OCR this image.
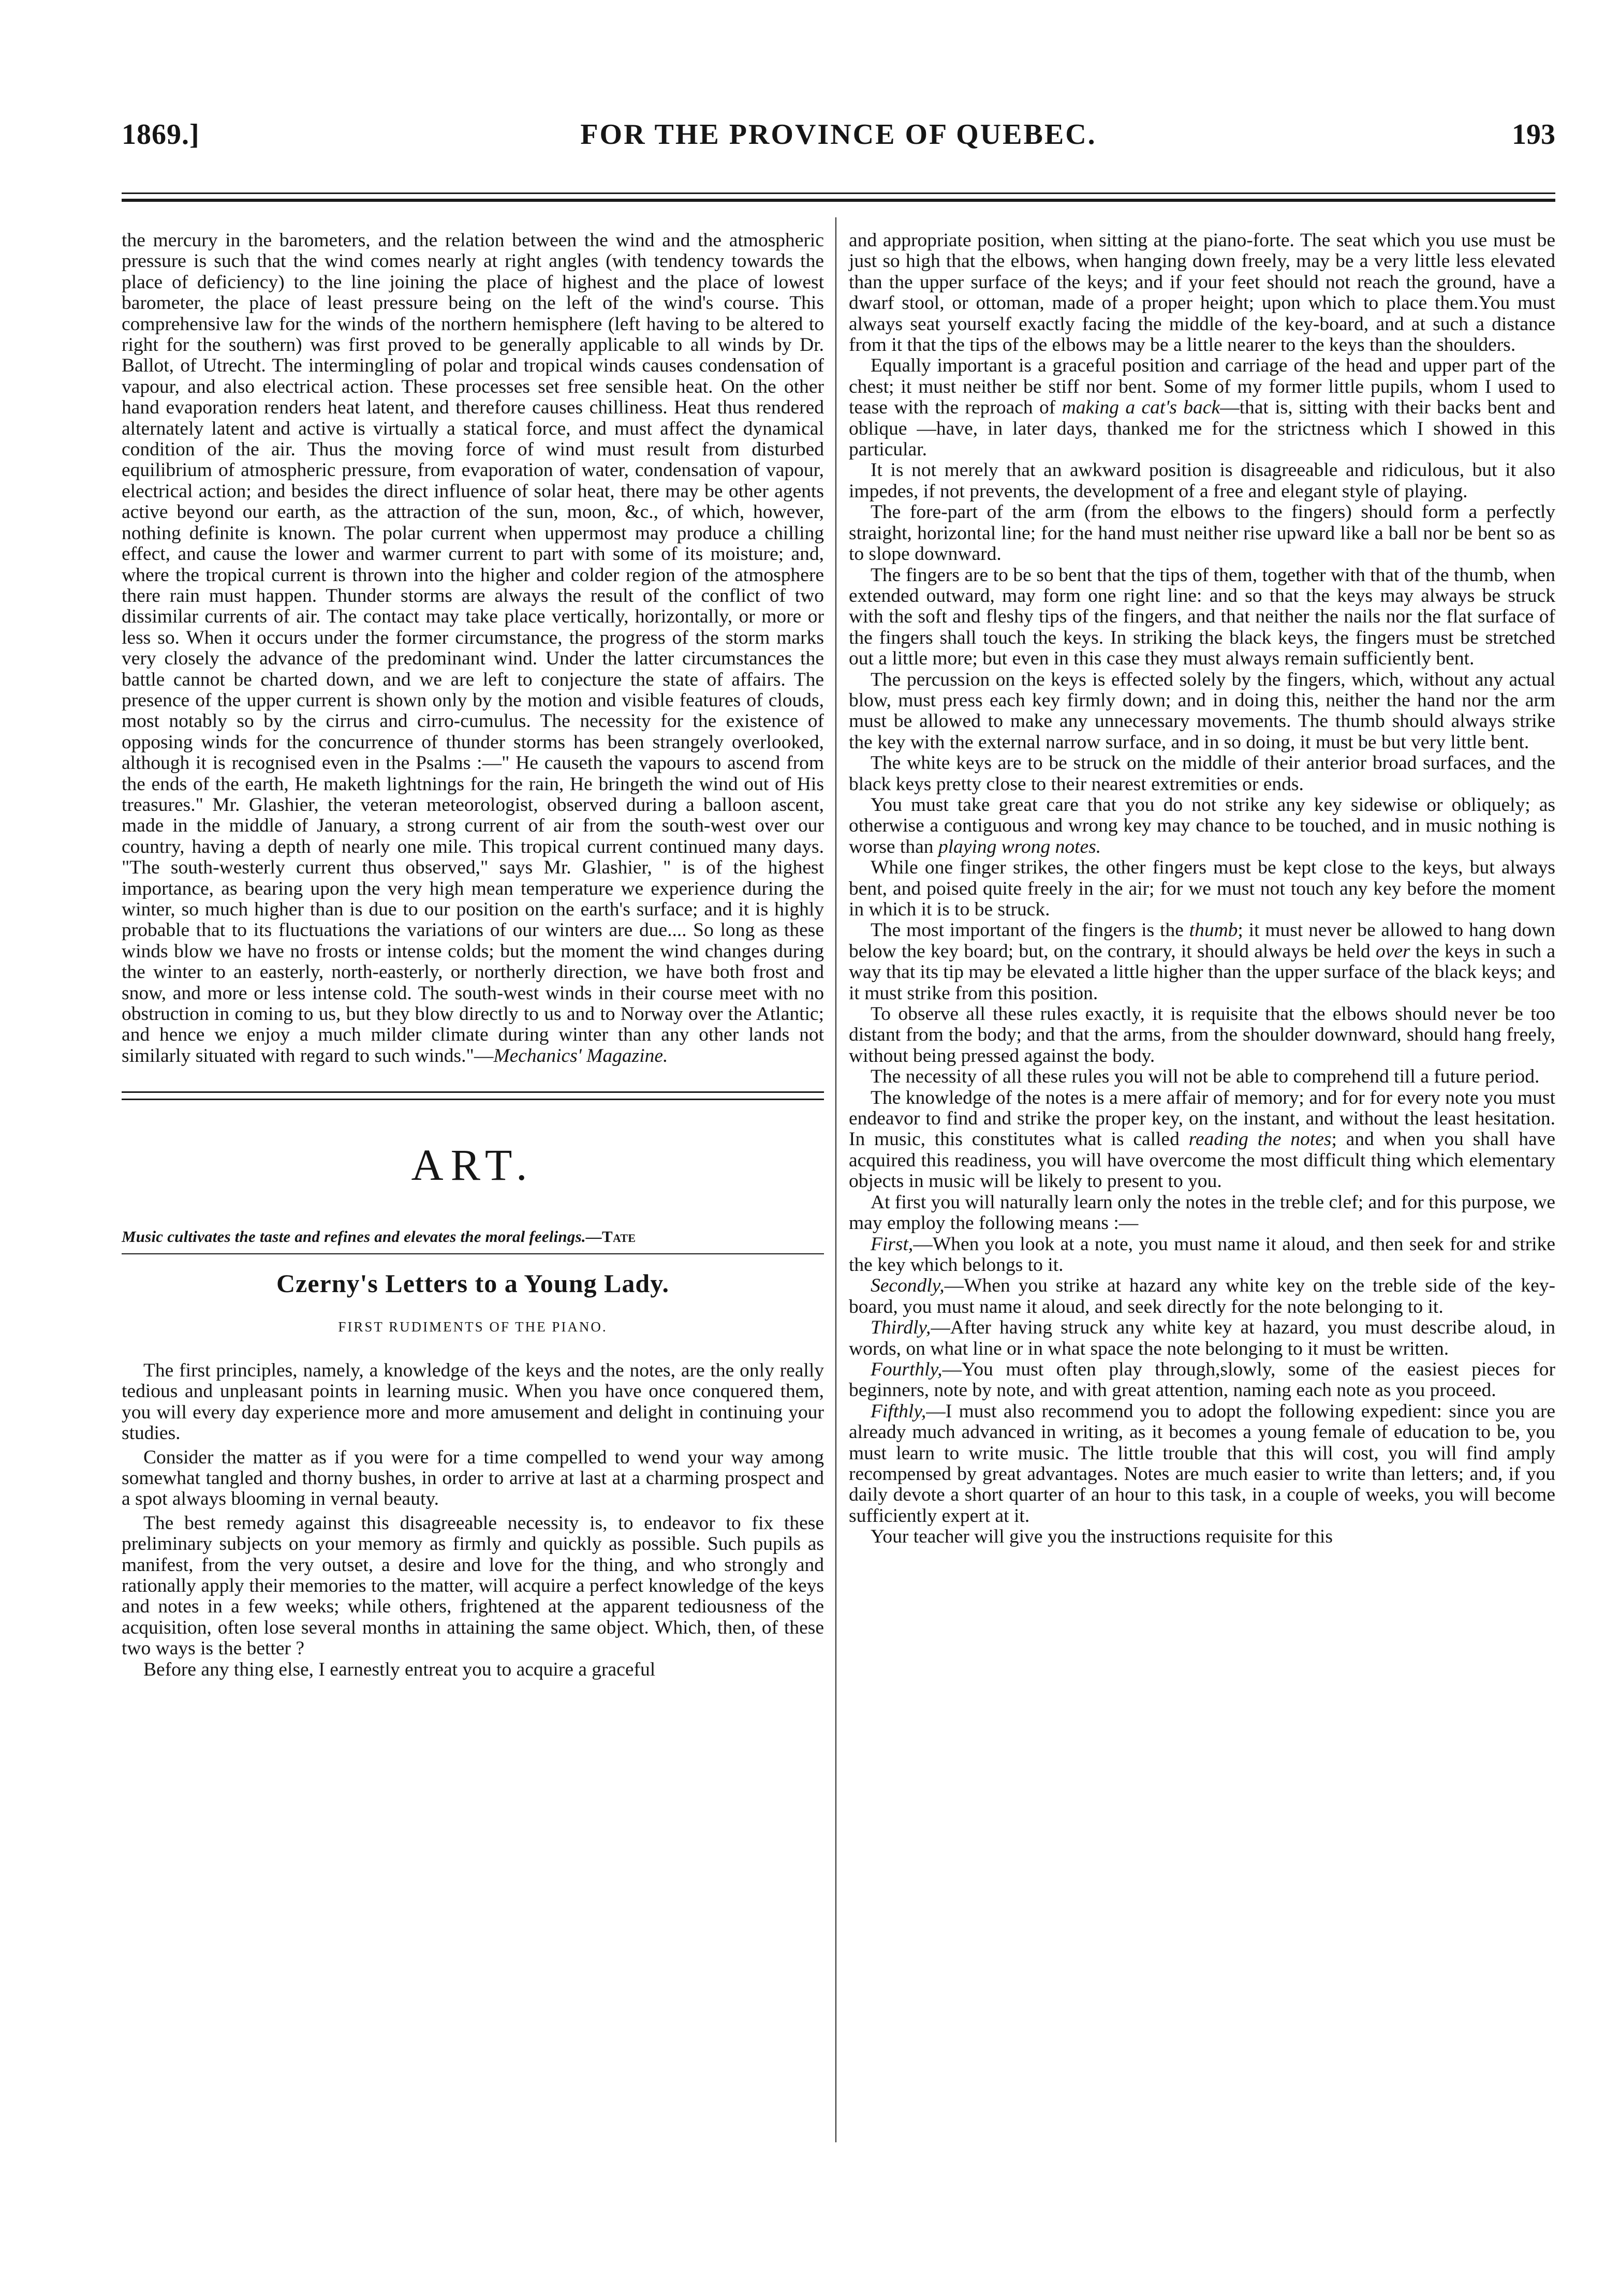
1869.]	FOR THE PROVINCE OF QUEBEC.	193

the mercury in the barometers, and the relation between the wind and the atmospheric pressure is such that the wind comes nearly at right angles (with tendency towards the place of deficiency) to the line joining the place of highest and the place of lowest barometer, the place of least pressure being on the left of the wind's course. This comprehensive law for the winds of the northern hemisphere (left having to be altered to right for the southern) was first proved to be generally applicable to all winds by Dr. Ballot, of Utrecht. The intermingling of polar and tropical winds causes condensation of vapour, and also electrical action. These processes set free sensible heat. On the other hand evaporation renders heat latent, and therefore causes chilliness. Heat thus rendered alternately latent and active is virtually a statical force, and must affect the dynamical condition of the air. Thus the moving force of wind must result from disturbed equilibrium of atmospheric pressure, from evaporation of water, condensation of vapour, electrical action; and besides the direct influence of solar heat, there may be other agents active beyond our earth, as the attraction of the sun, moon, &c., of which, however, nothing definite is known. The polar current when uppermost may produce a chilling effect, and cause the lower and warmer current to part with some of its moisture; and, where the tropical current is thrown into the higher and colder region of the atmosphere there rain must happen. Thunder storms are always the result of the conflict of two dissimilar currents of air. The contact may take place vertically, horizontally, or more or less so. When it occurs under the former circumstance, the progress of the storm marks very closely the advance of the predominant wind. Under the latter circumstances the battle cannot be charted down, and we are left to conjecture the state of affairs. The presence of the upper current is shown only by the motion and visible features of clouds, most notably so by the cirrus and cirro-cumulus. The necessity for the existence of opposing winds for the concurrence of thunder storms has been strangely overlooked, although it is recognised even in the Psalms :—" He causeth the vapours to ascend from the ends of the earth, He maketh lightnings for the rain, He bringeth the wind out of His treasures." Mr. Glashier, the veteran meteorologist, observed during a balloon ascent, made in the middle of January, a strong current of air from the south-west over our country, having a depth of nearly one mile. This tropical current continued many days. "The south-westerly current thus observed," says Mr. Glashier, " is of the highest importance, as bearing upon the very high mean temperature we experience during the winter, so much higher than is due to our position on the earth's surface; and it is highly probable that to its fluctuations the variations of our winters are due.... So long as these winds blow we have no frosts or intense colds; but the moment the wind changes during the winter to an easterly, north-easterly, or northerly direction, we have both frost and snow, and more or less intense cold. The south-west winds in their course meet with no obstruction in coming to us, but they blow directly to us and to Norway over the Atlantic; and hence we enjoy a much milder climate during winter than any other lands not similarly situated with regard to such winds."—Mechanics' Magazine.

ART.

Music cultivates the taste and refines and elevates the moral feelings.—Tate

Czerny's Letters to a Young Lady.
FIRST RUDIMENTS OF THE PIANO.

The first principles, namely, a knowledge of the keys and the notes, are the only really tedious and unpleasant points in learning music. When you have once conquered them, you will every day experience more and more amusement and delight in continuing your studies.

Consider the matter as if you were for a time compelled to wend your way among somewhat tangled and thorny bushes, in order to arrive at last at a charming prospect and a spot always blooming in vernal beauty.

The best remedy against this disagreeable necessity is, to endeavor to fix these preliminary subjects on your memory as firmly and quickly as possible. Such pupils as manifest, from the very outset, a desire and love for the thing, and who strongly and rationally apply their memories to the matter, will acquire a perfect knowledge of the keys and notes in a few weeks; while others, frightened at the apparent tediousness of the acquisition, often lose several months in attaining the same object. Which, then, of these two ways is the better ?

Before any thing else, I earnestly entreat you to acquire a graceful

and appropriate position, when sitting at the piano-forte. The seat which you use must be just so high that the elbows, when hanging down freely, may be a very little less elevated than the upper surface of the keys; and if your feet should not reach the ground, have a dwarf stool, or ottoman, made of a proper height; upon which to place them.You must always seat yourself exactly facing the middle of the key-board, and at such a distance from it that the tips of the elbows may be a little nearer to the keys than the shoulders.

Equally important is a graceful position and carriage of the head and upper part of the chest; it must neither be stiff nor bent. Some of my former little pupils, whom I used to tease with the reproach of making a cat's back—that is, sitting with their backs bent and oblique —have, in later days, thanked me for the strictness which I showed in this particular.

It is not merely that an awkward position is disagreeable and ridiculous, but it also impedes, if not prevents, the development of a free and elegant style of playing.

The fore-part of the arm (from the elbows to the fingers) should form a perfectly straight, horizontal line; for the hand must neither rise upward like a ball nor be bent so as to slope downward.

The fingers are to be so bent that the tips of them, together with that of the thumb, when extended outward, may form one right line: and so that the keys may always be struck with the soft and fleshy tips of the fingers, and that neither the nails nor the flat surface of the fingers shall touch the keys. In striking the black keys, the fingers must be stretched out a little more; but even in this case they must always remain sufficiently bent.

The percussion on the keys is effected solely by the fingers, which, without any actual blow, must press each key firmly down; and in doing this, neither the hand nor the arm must be allowed to make any unnecessary movements. The thumb should always strike the key with the external narrow surface, and in so doing, it must be but very little bent.

The white keys are to be struck on the middle of their anterior broad surfaces, and the black keys pretty close to their nearest extremities or ends.

You must take great care that you do not strike any key sidewise or obliquely; as otherwise a contiguous and wrong key may chance to be touched, and in music nothing is worse than playing wrong notes.

While one finger strikes, the other fingers must be kept close to the keys, but always bent, and poised quite freely in the air; for we must not touch any key before the moment in which it is to be struck.

The most important of the fingers is the thumb; it must never be allowed to hang down below the key board; but, on the contrary, it should always be held over the keys in such a way that its tip may be elevated a little higher than the upper surface of the black keys; and it must strike from this position.

To observe all these rules exactly, it is requisite that the elbows should never be too distant from the body; and that the arms, from the shoulder downward, should hang freely, without being pressed against the body.

The necessity of all these rules you will not be able to comprehend till a future period.

The knowledge of the notes is a mere affair of memory; and for for every note you must endeavor to find and strike the proper key, on the instant, and without the least hesitation. In music, this constitutes what is called reading the notes; and when you shall have acquired this readiness, you will have overcome the most difficult thing which elementary objects in music will be likely to present to you.

At first you will naturally learn only the notes in the treble clef; and for this purpose, we may employ the following means :—

First,—When you look at a note, you must name it aloud, and then seek for and strike the key which belongs to it.

Secondly,—When you strike at hazard any white key on the treble side of the key-board, you must name it aloud, and seek directly for the note belonging to it.

Thirdly,—After having struck any white key at hazard, you must describe aloud, in words, on what line or in what space the note belonging to it must be written.

Fourthly,—You must often play through,slowly, some of the easiest pieces for beginners, note by note, and with great attention, naming each note as you proceed.

Fifthly,—I must also recommend you to adopt the following expedient: since you are already much advanced in writing, as it becomes a young female of education to be, you must learn to write music. The little trouble that this will cost, you will find amply recompensed by great advantages. Notes are much easier to write than letters; and, if you daily devote a short quarter of an hour to this task, in a couple of weeks, you will become sufficiently expert at it.

Your teacher will give you the instructions requisite for this
